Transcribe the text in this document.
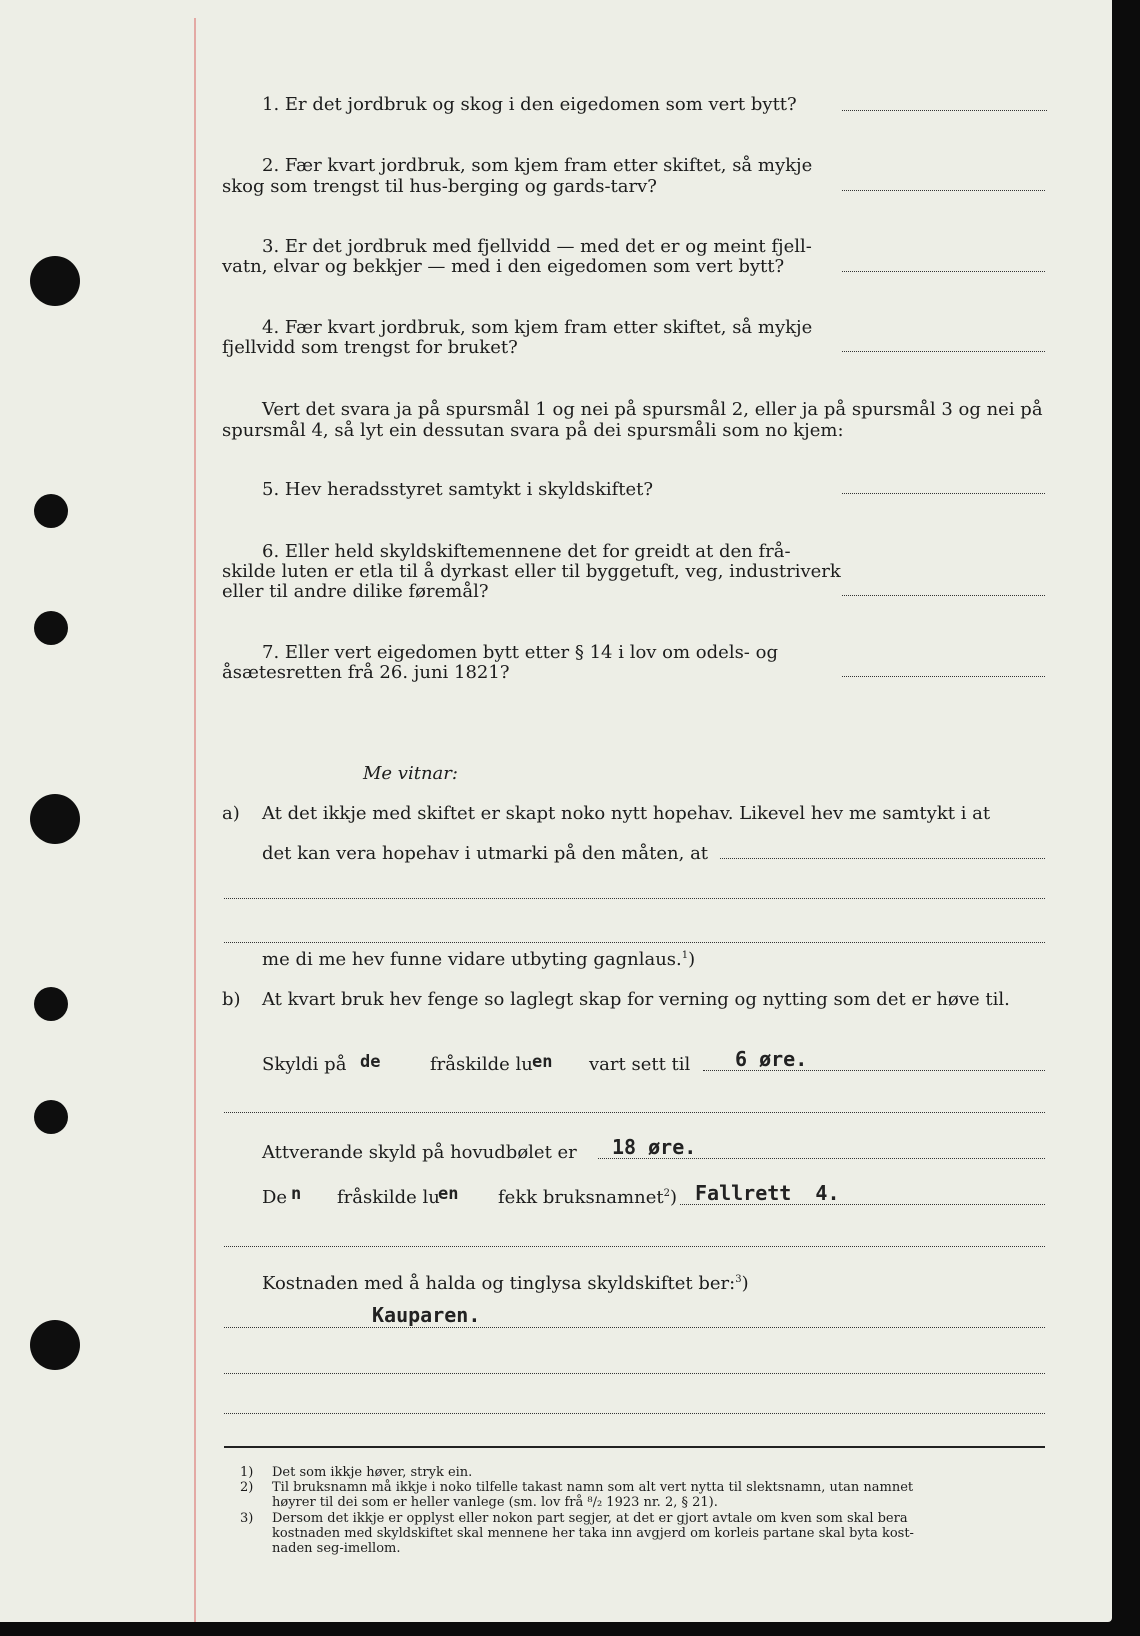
1. Er det jordbruk og skog i den eigedomen som vert bytt?
2. Fær kvart jordbruk, som kjem fram etter skiftet, så mykje
skog som trengst til hus-berging og gards-tarv?
3. Er det jordbruk med fjellvidd — med det er og meint fjell-
vatn, elvar og bekkjer — med i den eigedomen som vert bytt?
4. Fær kvart jordbruk, som kjem fram etter skiftet, så mykje
fjellvidd som trengst for bruket?
Vert det svara ja på spursmål 1 og nei på spursmål 2, eller ja på spursmål 3 og nei på
spursmål 4, så lyt ein dessutan svara på dei spursmåli som no kjem:
5. Hev heradsstyret samtykt i skyldskiftet?
6. Eller held skyldskiftemennene det for greidt at den frå-
skilde luten er etla til å dyrkast eller til byggetuft, veg, industriverk
eller til andre dilike føremål?
7. Eller vert eigedomen bytt etter § 14 i lov om odels- og
åsætesretten frå 26. juni 1821?
Me vitnar:
a) At det ikkje med skiftet er skapt noko nytt hopehav. Likevel hev me samtykt i at
det kan vera hopehav i utmarki på den måten, at
me di me hev funne vidare utbyting gagnlaus.$^1$)
b) At kvart bruk hev fenge so laglegt skap for verning og nytting som det er høve til.
Skyldi på de	fråskilde lu en vart sett til 6 øre.
Attverande skyld på hovudbølet er 18 øre.
De n fråskilde lu
en fekk bruksnamnet$^2$) Fallrett  4.
Kostnaden med å halda og tinglysa skyldskiftet ber:$^3$)
Kauparen.
1) Det som ikkje høver, stryk ein.
2) Til bruksnamn må ikkje i noko tilfelle takast namn som alt vert nytta til slektsnamn, utan namnet
høyrer til dei som er heller vanlege (sm. lov frå ⁸/₂ 1923 nr. 2, § 21).
3) Dersom det ikkje er opplyst eller nokon part segjer, at det er gjort avtale om kven som skal bera
kostnaden med skyldskiftet skal mennene her taka inn avgjerd om korleis partane skal byta kost-
naden seg-imellom.
